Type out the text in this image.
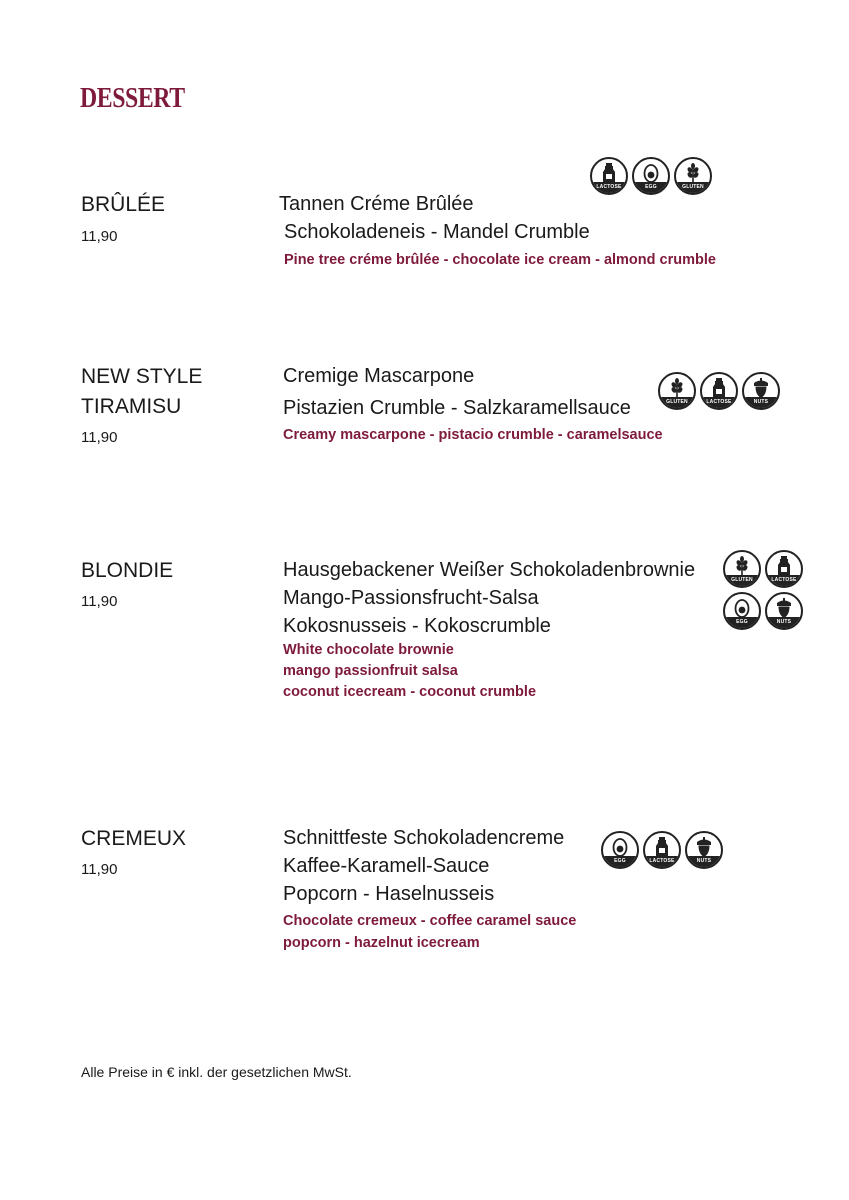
DESSERT
BRÛLÉE
11,90
Tannen Créme Brûlée
Schokoladeneis - Mandel Crumble
Pine tree créme brûlée - chocolate ice cream - almond crumble
LACTOSE	EGG	GLUTEN
NEW STYLE
TIRAMISU
11,90
Cremige Mascarpone
Pistazien Crumble - Salzkaramellsauce
Creamy mascarpone - pistacio crumble - caramelsauce
GLUTEN	LACTOSE	NUTS
BLONDIE
11,90
Hausgebackener Weißer Schokoladenbrownie
Mango-Passionsfrucht-Salsa
Kokosnusseis - Kokoscrumble
White chocolate brownie
mango passionfruit salsa
coconut icecream - coconut crumble
GLUTEN	LACTOSE
EGG	NUTS
CREMEUX
11,90
Schnittfeste Schokoladencreme
Kaffee-Karamell-Sauce
Popcorn - Haselnusseis
Chocolate cremeux - coffee caramel sauce
popcorn - hazelnut icecream
EGG	LACTOSE	NUTS
Alle Preise in € inkl. der gesetzlichen MwSt.
